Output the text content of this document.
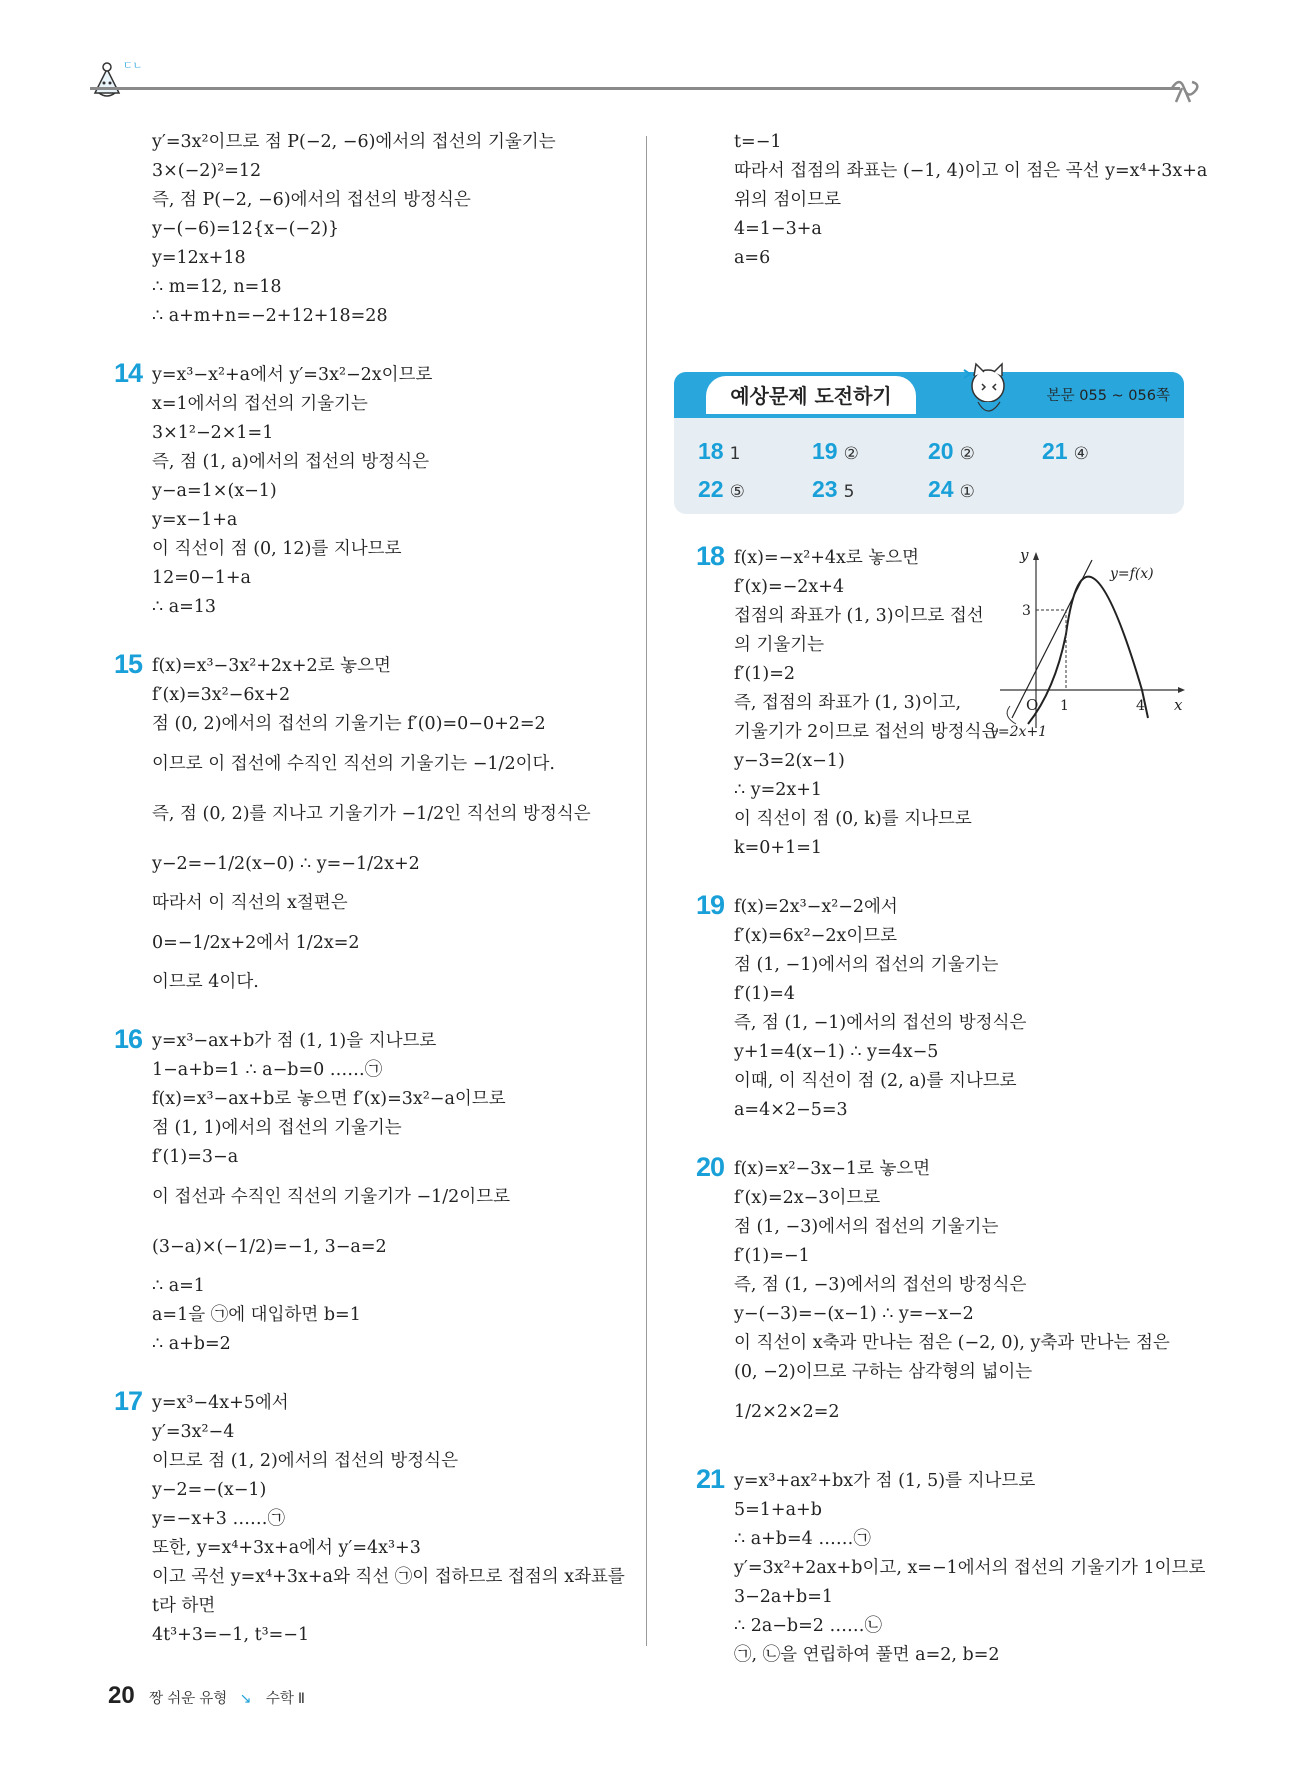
ㄷㄴ
y′=3x²이므로 점 P(−2, −6)에서의 접선의 기울기는
3×(−2)²=12
즉, 점 P(−2, −6)에서의 접선의 방정식은
y−(−6)=12{x−(−2)}
y=12x+18
∴ m=12, n=18
∴ a+m+n=−2+12+18=28
14 y=x³−x²+a에서 y′=3x²−2x이므로
x=1에서의 접선의 기울기는
3×1²−2×1=1
즉, 점 (1, a)에서의 접선의 방정식은
y−a=1×(x−1)
y=x−1+a
이 직선이 점 (0, 12)를 지나므로
12=0−1+a
∴ a=13
15 f(x)=x³−3x²+2x+2로 놓으면
f′(x)=3x²−6x+2
점 (0, 2)에서의 접선의 기울기는 f′(0)=0−0+2=2
이므로 이 접선에 수직인 직선의 기울기는 −1/2이다.
즉, 점 (0, 2)를 지나고 기울기가 −1/2인 직선의 방정식은
y−2=−1/2(x−0) ∴ y=−1/2x+2
따라서 이 직선의 x절편은
0=−1/2x+2에서 1/2x=2
이므로 4이다.
16 y=x³−ax+b가 점 (1, 1)을 지나므로
1−a+b=1 ∴ a−b=0 ……㉠
f(x)=x³−ax+b로 놓으면 f′(x)=3x²−a이므로
점 (1, 1)에서의 접선의 기울기는
f′(1)=3−a
이 접선과 수직인 직선의 기울기가 −1/2이므로
(3−a)×(−1/2)=−1, 3−a=2
∴ a=1
a=1을 ㉠에 대입하면 b=1
∴ a+b=2
17 y=x³−4x+5에서
y′=3x²−4
이므로 점 (1, 2)에서의 접선의 방정식은
y−2=−(x−1)
y=−x+3 ……㉠
또한, y=x⁴+3x+a에서 y′=4x³+3
이고 곡선 y=x⁴+3x+a와 직선 ㉠이 접하므로 접점의 x좌표를
t라 하면
4t³+3=−1, t³=−1
t=−1
따라서 접점의 좌표는 (−1, 4)이고 이 점은 곡선 y=x⁴+3x+a
위의 점이므로
4=1−3+a
a=6
예상문제 도전하기	본문 055 ~ 056쪽
18 1	19 ②	20 ②	21 ④
22 ⑤	23 5	24 ①
y
x
O 1	4
3
y=f(x)
y=2x+1
18 f(x)=−x²+4x로 놓으면
f′(x)=−2x+4
접점의 좌표가 (1, 3)이므로 접선
의 기울기는
f′(1)=2
즉, 접점의 좌표가 (1, 3)이고,
기울기가 2이므로 접선의 방정식은
y−3=2(x−1)
∴ y=2x+1
이 직선이 점 (0, k)를 지나므로
k=0+1=1
19 f(x)=2x³−x²−2에서
f′(x)=6x²−2x이므로
점 (1, −1)에서의 접선의 기울기는
f′(1)=4
즉, 점 (1, −1)에서의 접선의 방정식은
y+1=4(x−1) ∴ y=4x−5
이때, 이 직선이 점 (2, a)를 지나므로
a=4×2−5=3
20 f(x)=x²−3x−1로 놓으면
f′(x)=2x−3이므로
점 (1, −3)에서의 접선의 기울기는
f′(1)=−1
즉, 점 (1, −3)에서의 접선의 방정식은
y−(−3)=−(x−1) ∴ y=−x−2
이 직선이 x축과 만나는 점은 (−2, 0), y축과 만나는 점은
(0, −2)이므로 구하는 삼각형의 넓이는
1/2×2×2=2
21 y=x³+ax²+bx가 점 (1, 5)를 지나므로
5=1+a+b
∴ a+b=4 ……㉠
y′=3x²+2ax+b이고, x=−1에서의 접선의 기울기가 1이므로
3−2a+b=1
∴ 2a−b=2 ……㉡
㉠, ㉡을 연립하여 풀면 a=2, b=2
20 짱 쉬운 유형 ↘ 수학 Ⅱ
